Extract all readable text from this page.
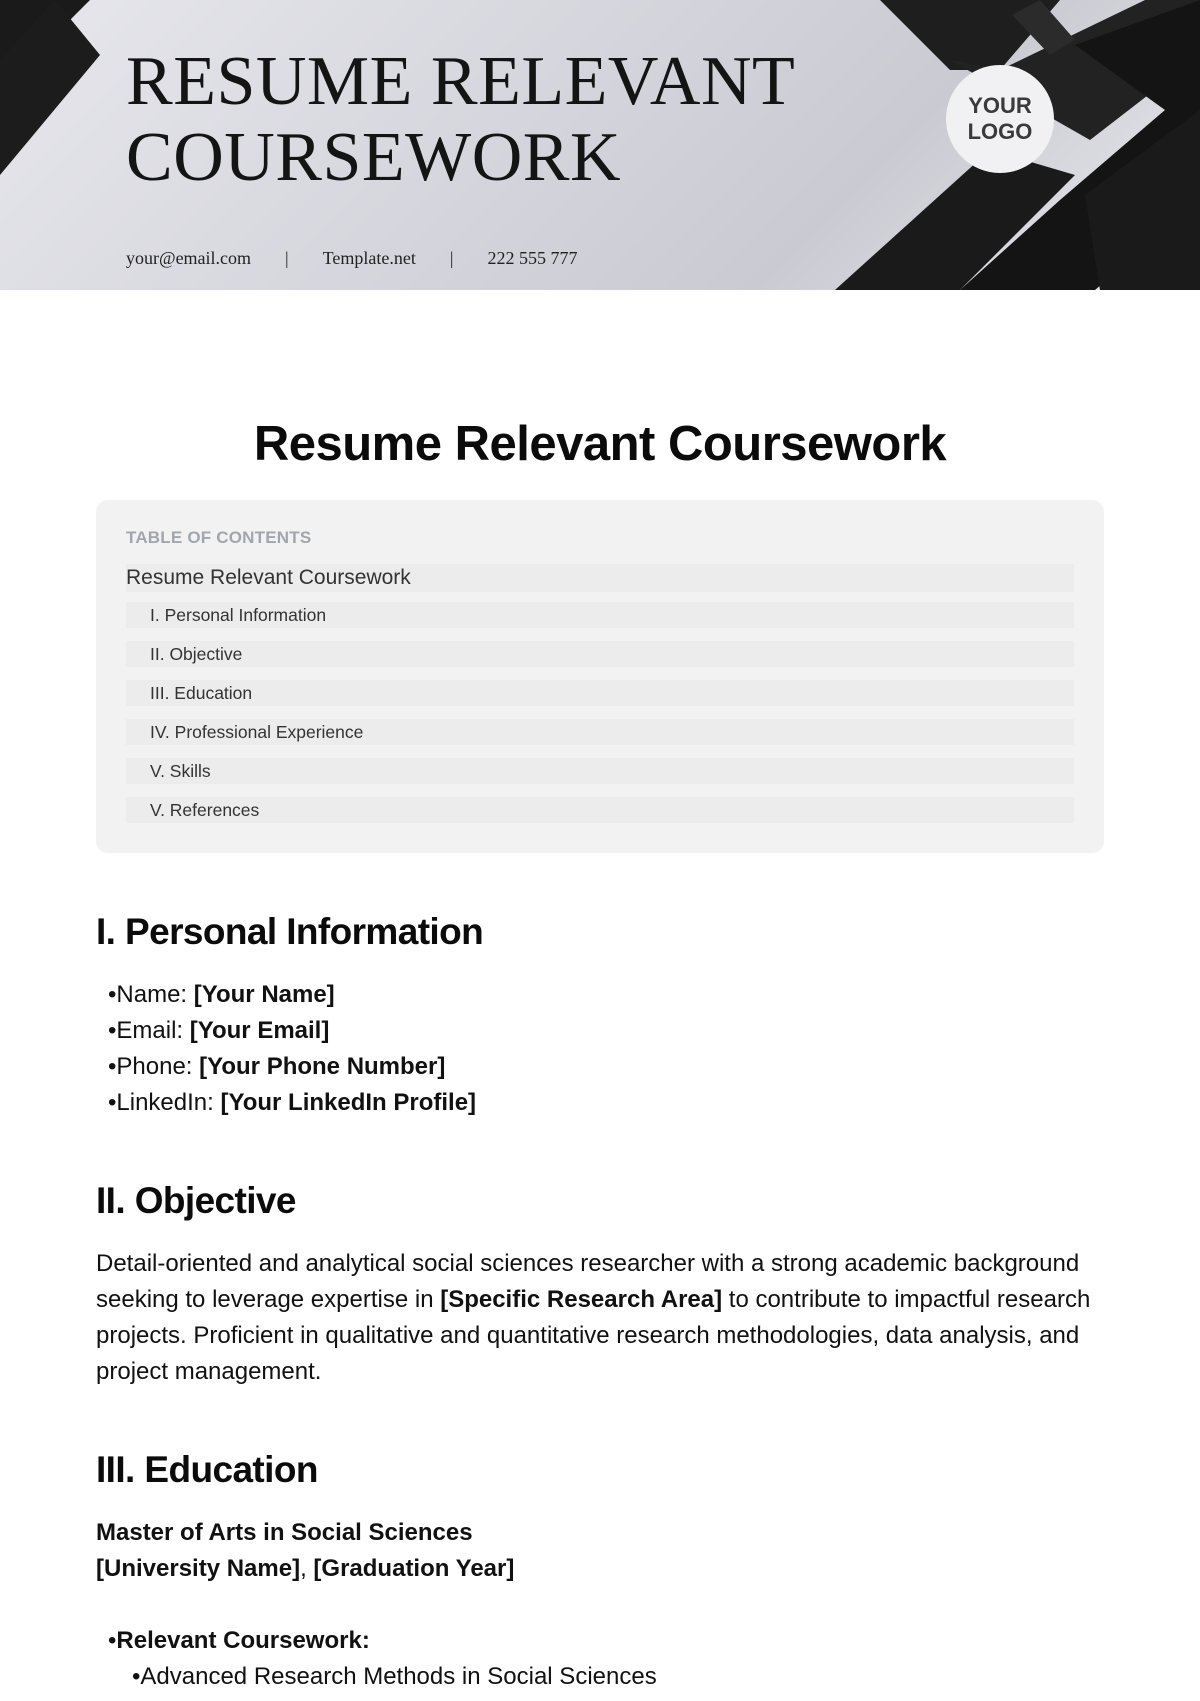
RESUME RELEVANT
COURSEWORK
your@email.com | Template.net | 222 555 777
YOUR
LOGO
Resume Relevant Coursework
TABLE OF CONTENTS
Resume Relevant Coursework
I. Personal Information
II. Objective
III. Education
IV. Professional Experience
V. Skills
V. References
I. Personal Information
• Name: [Your Name]
• Email: [Your Email]
• Phone: [Your Phone Number]
• LinkedIn: [Your LinkedIn Profile]
II. Objective

Detail-oriented and analytical social sciences researcher with a strong academic background seeking to leverage expertise in [Specific Research Area] to contribute to impactful research projects. Proficient in qualitative and quantitative research methodologies, data analysis, and project management.

III. Education

Master of Arts in Social Sciences
[University Name], [Graduation Year]

• Relevant Coursework:
• Advanced Research Methods in Social Sciences
